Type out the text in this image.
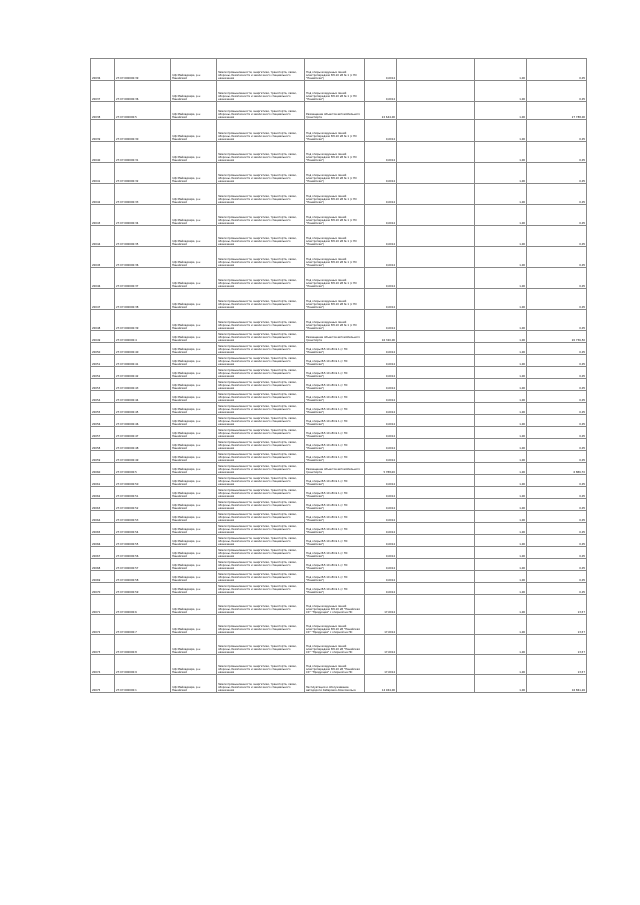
20036	27:07:000000:39	п/ф Майхадзари, р-н Нанайский	Земли промышленности, энергетики, транспорта, связи, обороны, безопасности и земли иного специального назначения	Под опоры воздушных линий электропередачи ВЛ-10 кВ № 1 (с ПС "Нанайская")	0,0014		1,00	0,05
20037	27:07:000000:36	п/ф Майхадзари, р-н Нанайский	Земли промышленности, энергетики, транспорта, связи, обороны, безопасности и земли иного специального назначения	Под опоры воздушных линий электропередачи ВЛ-10 кВ № 1 (с ПС "Нанайская")	0,0014		1,00	0,05
20038	27:07:000000:5	п/ф Майхадзари, р-н Нанайский	Земли промышленности, энергетики, транспорта, связи, обороны, безопасности и земли иного специального назначения	Размещение объектов автомобильного транспорта	22 644,00		1,00	27 788,00
20039	27:07:000000:30	п/ф Майхадзари, р-н Нанайский	Земли промышленности, энергетики, транспорта, связи, обороны, безопасности и земли иного специального назначения	Под опоры воздушных линий электропередачи ВЛ-10 кВ № 1 (с ПС "Нанайская")	0,0014		1,00	0,05
20040	27:07:000000:31	п/ф Майхадзари, р-н Нанайский	Земли промышленности, энергетики, транспорта, связи, обороны, безопасности и земли иного специального назначения	Под опоры воздушных линий электропередачи ВЛ-10 кВ № 1 (с ПС "Нанайская")	0,0014		1,00	0,05
20041	27:07:000000:32	п/ф Майхадзари, р-н Нанайский	Земли промышленности, энергетики, транспорта, связи, обороны, безопасности и земли иного специального назначения	Под опоры воздушных линий электропередачи ВЛ-10 кВ № 1 (с ПС "Нанайская")	0,0014		1,00	0,05
20042	27:07:000000:33	п/ф Майхадзари, р-н Нанайский	Земли промышленности, энергетики, транспорта, связи, обороны, безопасности и земли иного специального назначения	Под опоры воздушных линий электропередачи ВЛ-10 кВ № 1 (с ПС "Нанайская")	0,0014		1,00	0,05
20043	27:07:000000:34	п/ф Майхадзари, р-н Нанайский	Земли промышленности, энергетики, транспорта, связи, обороны, безопасности и земли иного специального назначения	Под опоры воздушных линий электропередачи ВЛ-10 кВ № 1 (с ПС "Нанайская")	0,0014		1,00	0,05
20044	27:07:000000:35	п/ф Майхадзари, р-н Нанайский	Земли промышленности, энергетики, транспорта, связи, обороны, безопасности и земли иного специального назначения	Под опоры воздушных линий электропередачи ВЛ-10 кВ № 1 (с ПС "Нанайская")	0,0014		1,00	0,05
20045	27:07:000000:36	п/ф Майхадзари, р-н Нанайский	Земли промышленности, энергетики, транспорта, связи, обороны, безопасности и земли иного специального назначения	Под опоры воздушных линий электропередачи ВЛ-10 кВ № 1 (с ПС "Нанайская")	0,0014		1,00	0,05
20046	27:07:000000:37	п/ф Майхадзари, р-н Нанайский	Земли промышленности, энергетики, транспорта, связи, обороны, безопасности и земли иного специального назначения	Под опоры воздушных линий электропередачи ВЛ-10 кВ № 1 (с ПС "Нанайская")	0,0014		1,00	0,05
20047	27:07:000000:38	п/ф Майхадзари, р-н Нанайский	Земли промышленности, энергетики, транспорта, связи, обороны, безопасности и земли иного специального назначения	Под опоры воздушных линий электропередачи ВЛ-10 кВ № 1 (с ПС "Нанайская")	0,0014		1,00	0,05
20048	27:07:000000:39	п/ф Майхадзари, р-н Нанайский	Земли промышленности, энергетики, транспорта, связи, обороны, безопасности и земли иного специального назначения	Под опоры воздушных линий электропередачи ВЛ-10 кВ № 1 (с ПС "Нанайская")	0,0014		1,00	0,05
20049	27:07:000000:4	п/ф Майхадзари, р-н Нанайский	Земли промышленности, энергетики, транспорта, связи, обороны, безопасности и земли иного специального назначения	Размещение объектов автомобильного транспорта	16 320,00		1,00	20 756,50
20050	27:07:000000:40	п/ф Майхадзари, р-н Нанайский	Земли промышленности, энергетики, транспорта, связи, обороны, безопасности и земли иного специального назначения	Под опоры ВЛ-10 кВ № 1 (с ПС "Нанайская")	0,0014		1,00	0,05
20051	27:07:000000:41	п/ф Майхадзари, р-н Нанайский	Земли промышленности, энергетики, транспорта, связи, обороны, безопасности и земли иного специального назначения	Под опоры ВЛ-10 кВ № 1 (с ПС "Нанайская")	0,0014		1,00	0,05
20052	27:07:000000:42	п/ф Майхадзари, р-н Нанайский	Земли промышленности, энергетики, транспорта, связи, обороны, безопасности и земли иного специального назначения	Под опоры ВЛ-10 кВ № 1 (с ПС "Нанайская")	0,0014		1,00	0,05
20053	27:07:000000:43	п/ф Майхадзари, р-н Нанайский	Земли промышленности, энергетики, транспорта, связи, обороны, безопасности и земли иного специального назначения	Под опоры ВЛ-10 кВ № 1 (с ПС "Нанайская")	0,0014		1,00	0,05
20054	27:07:000000:44	п/ф Майхадзари, р-н Нанайский	Земли промышленности, энергетики, транспорта, связи, обороны, безопасности и земли иного специального назначения	Под опоры ВЛ-10 кВ № 1 (с ПС "Нанайская")	0,0014		1,00	0,05
20055	27:07:000000:45	п/ф Майхадзари, р-н Нанайский	Земли промышленности, энергетики, транспорта, связи, обороны, безопасности и земли иного специального назначения	Под опоры ВЛ-10 кВ № 1 (с ПС "Нанайская")	0,0014		1,00	0,05
20056	27:07:000000:46	п/ф Майхадзари, р-н Нанайский	Земли промышленности, энергетики, транспорта, связи, обороны, безопасности и земли иного специального назначения	Под опоры ВЛ-10 кВ № 1 (с ПС "Нанайская")	0,0014		1,00	0,05
20057	27:07:000000:47	п/ф Майхадзари, р-н Нанайский	Земли промышленности, энергетики, транспорта, связи, обороны, безопасности и земли иного специального назначения	Под опоры ВЛ-10 кВ № 1 (с ПС "Нанайская")	0,0014		1,00	0,05
20058	27:07:000000:48	п/ф Майхадзари, р-н Нанайский	Земли промышленности, энергетики, транспорта, связи, обороны, безопасности и земли иного специального назначения	Под опоры ВЛ-10 кВ № 1 (с ПС "Нанайская")	0,0014		1,00	0,05
20059	27:07:000000:49	п/ф Майхадзари, р-н Нанайский	Земли промышленности, энергетики, транспорта, связи, обороны, безопасности и земли иного специального назначения	Под опоры ВЛ-10 кВ № 1 (с ПС "Нанайская")	0,0014		1,00	0,05
20060	27:07:000000:5	п/ф Майхадзари, р-н Нанайский	Земли промышленности, энергетики, транспорта, связи, обороны, безопасности и земли иного специального назначения	Размещение объектов автомобильного транспорта	5 788,00		1,00	6 886,70
20061	27:07:000000:50	п/ф Майхадзари, р-н Нанайский	Земли промышленности, энергетики, транспорта, связи, обороны, безопасности и земли иного специального назначения	Под опоры ВЛ-10 кВ № 1 (с ПС "Нанайская")	0,0014		1,00	0,05
20062	27:07:000000:51	п/ф Майхадзари, р-н Нанайский	Земли промышленности, энергетики, транспорта, связи, обороны, безопасности и земли иного специального назначения	Под опоры ВЛ-10 кВ № 1 (с ПС "Нанайская")	0,0014		1,00	0,05
20063	27:07:000000:52	п/ф Майхадзари, р-н Нанайский	Земли промышленности, энергетики, транспорта, связи, обороны, безопасности и земли иного специального назначения	Под опоры ВЛ-10 кВ № 1 (с ПС "Нанайская")	0,0014		1,00	0,05
20064	27:07:000000:53	п/ф Майхадзари, р-н Нанайский	Земли промышленности, энергетики, транспорта, связи, обороны, безопасности и земли иного специального назначения	Под опоры ВЛ-10 кВ № 1 (с ПС "Нанайская")	0,0014		1,00	0,05
20065	27:07:000000:54	п/ф Майхадзари, р-н Нанайский	Земли промышленности, энергетики, транспорта, связи, обороны, безопасности и земли иного специального назначения	Под опоры ВЛ-10 кВ № 1 (с ПС "Нанайская")	0,0014		1,00	0,05
20066	27:07:000000:55	п/ф Майхадзари, р-н Нанайский	Земли промышленности, энергетики, транспорта, связи, обороны, безопасности и земли иного специального назначения	Под опоры ВЛ-10 кВ № 1 (с ПС "Нанайская")	0,0014		1,00	0,05
20067	27:07:000000:56	п/ф Майхадзари, р-н Нанайский	Земли промышленности, энергетики, транспорта, связи, обороны, безопасности и земли иного специального назначения	Под опоры ВЛ-10 кВ № 1 (с ПС "Нанайская")	0,0014		1,00	0,05
20068	27:07:000000:57	п/ф Майхадзари, р-н Нанайский	Земли промышленности, энергетики, транспорта, связи, обороны, безопасности и земли иного специального назначения	Под опоры ВЛ-10 кВ № 1 (с ПС "Нанайская")	0,0014		1,00	0,05
20069	27:07:000000:58	п/ф Майхадзари, р-н Нанайский	Земли промышленности, энергетики, транспорта, связи, обороны, безопасности и земли иного специального назначения	Под опоры ВЛ-10 кВ № 1 (с ПС "Нанайская")	0,0014		1,00	0,05
20070	27:07:000000:59	п/ф Майхадзари, р-н Нанайский	Земли промышленности, энергетики, транспорта, связи, обороны, безопасности и земли иного специального назначения	Под опоры ВЛ-10 кВ № 1 (с ПС "Нанайская")	0,0014		1,00	0,05
20071	27:07:000000:6	п/ф Майхадзари, р-н Нанайский	Земли промышленности, энергетики, транспорта, связи, обороны, безопасности и земли иного специального назначения	Под опоры воздушных линий электропередачи ВЛ-10 кВ "Нанайская СХ" "Продукция" с опорной на ПС	17,0014		1,00	13,57
20072	27:07:000000:7	п/ф Майхадзари, р-н Нанайский	Земли промышленности, энергетики, транспорта, связи, обороны, безопасности и земли иного специального назначения	Под опоры воздушных линий электропередачи ВЛ-10 кВ "Нанайская СХ" "Продукция" с опорной на ПС	17,0014		1,00	13,57
20073	27:07:000000:8	п/ф Майхадзари, р-н Нанайский	Земли промышленности, энергетики, транспорта, связи, обороны, безопасности и земли иного специального назначения	Под опоры воздушных линий электропередачи ВЛ-10 кВ "Нанайская СХ" "Продукция" с опорной на ПС	17,0014		1,00	13,57
20074	27:07:000000:9	п/ф Майхадзари, р-н Нанайский	Земли промышленности, энергетики, транспорта, связи, обороны, безопасности и земли иного специального назначения	Под опоры воздушных линий электропередачи ВЛ-10 кВ "Нанайская СХ" "Продукция" с опорной на ПС	17,0014		1,00	13,57
20075	27:07:000000:1	п/ф Майхадзари, р-н Нанайский	Земли промышленности, энергетики, транспорта, связи, обороны, безопасности и земли иного специального назначения	Эксплуатация и обслуживание автодороги Хабаровск-Комсомольск	14 944,00		1,00	16 861,26
